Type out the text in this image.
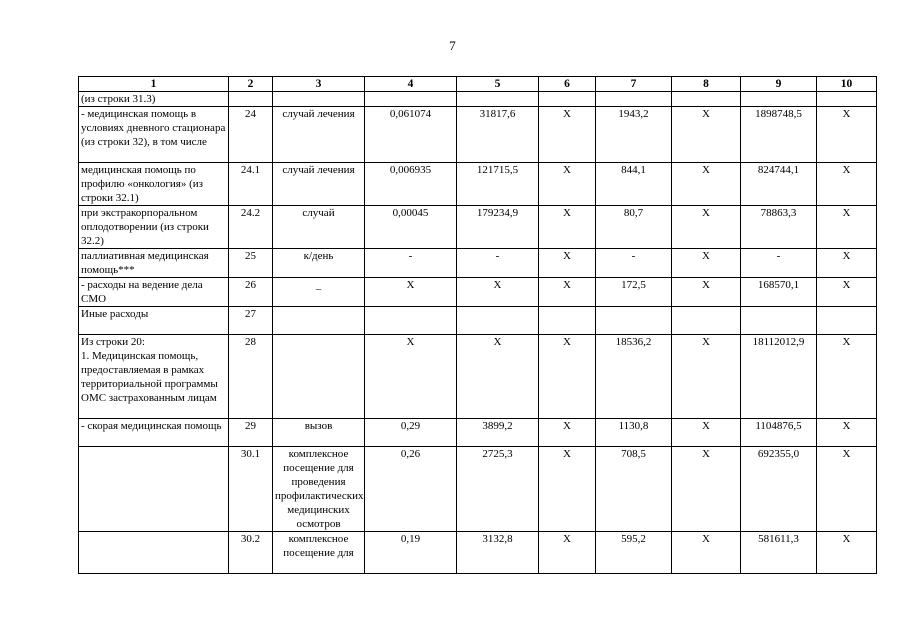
7
1	2	3	4	5	6	7	8	9	10
(из строки 31.3)									
- медицинская помощь в условиях дневного стационара (из строки 32), в том числе	24	случай лечения	0,061074	31817,6	Х	1943,2	Х	1898748,5	Х
медицинская помощь по профилю «онкология» (из строки 32.1)	24.1	случай лечения	0,006935	121715,5	Х	844,1	Х	824744,1	Х
при экстракорпоральном оплодотворении (из строки 32.2)	24.2	случай	0,00045	179234,9	Х	80,7	Х	78863,3	Х
паллиативная медицинская помощь***	25	к/день	-	-	Х	-	Х	-	Х
- расходы на ведение дела СМО	26	_	Х	Х	Х	172,5	Х	168570,1	Х
Иные расходы	27								
Из строки 20:
1. Медицинская помощь, предоставляемая в рамках территориальной программы ОМС застрахованным лицам	28		Х	Х	Х	18536,2	Х	18112012,9	Х
- скорая медицинская помощь	29	вызов	0,29	3899,2	Х	1130,8	Х	1104876,5	Х
	30.1	комплексное посещение для проведения профилактических медицинских осмотров	0,26	2725,3	Х	708,5	Х	692355,0	Х
	30.2	комплексное посещение для	0,19	3132,8	Х	595,2	Х	581611,3	Х
